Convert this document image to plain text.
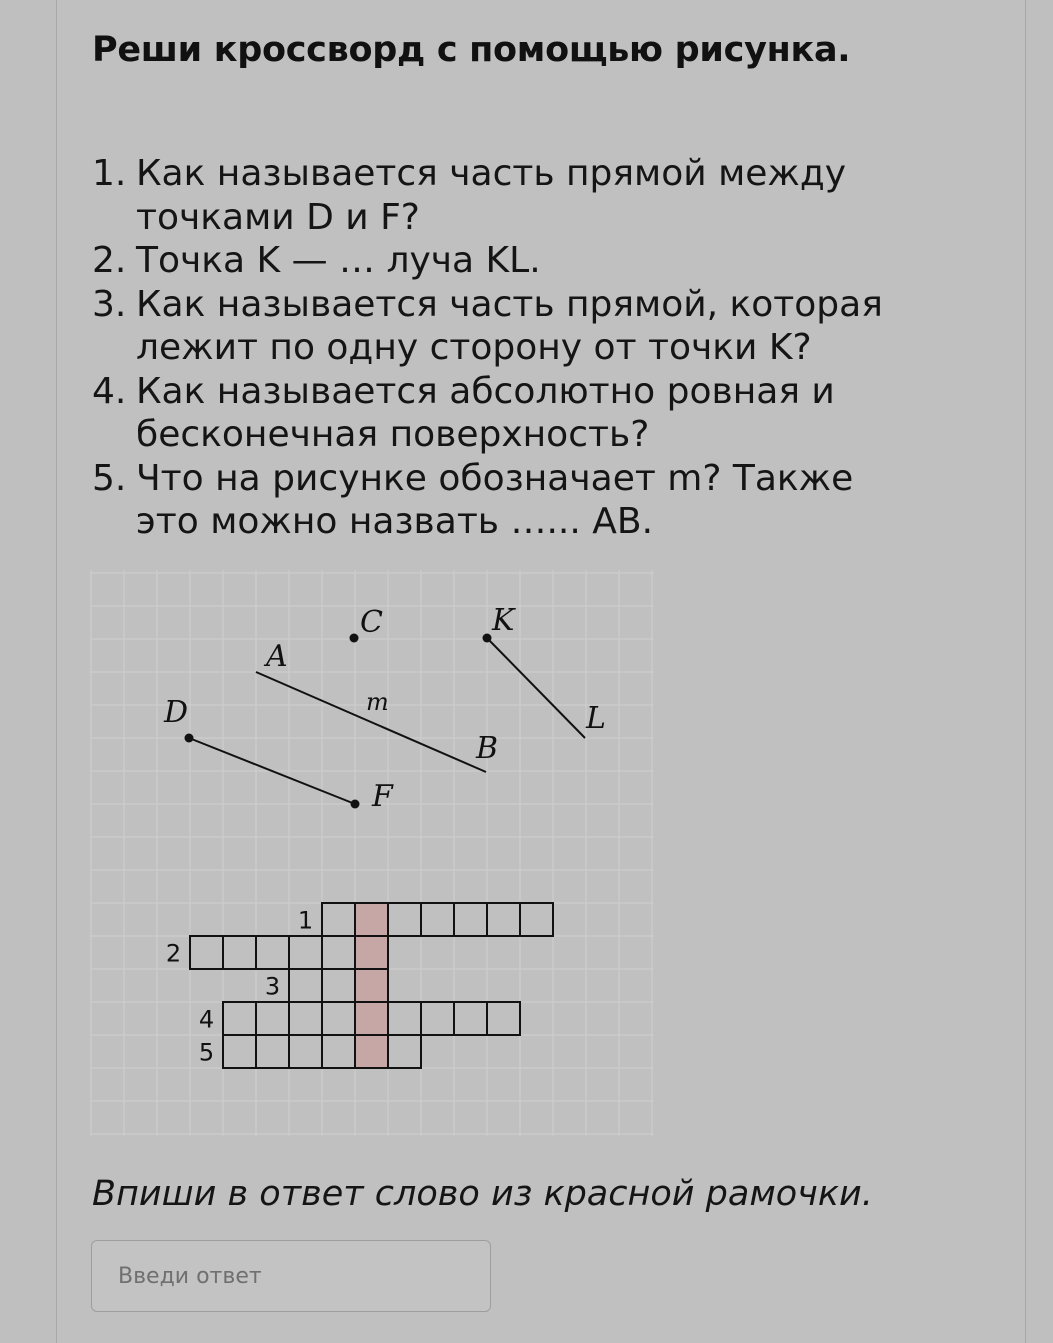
Реши кроссворд с помощью рисунка.
1. Как называется часть прямой между точками D и F?
2. Точка K — … луча KL.
3. Как называется часть прямой, которая лежит по одну сторону от точки K?
4. Как называется абсолютно ровная и бесконечная поверхность?
5. Что на рисунке обозначает m? Также это можно назвать …... AB.
C	K
A
m
D	L
B
F
1
2
3
4
5

Впиши в ответ слово из красной рамочки.

Введи ответ
